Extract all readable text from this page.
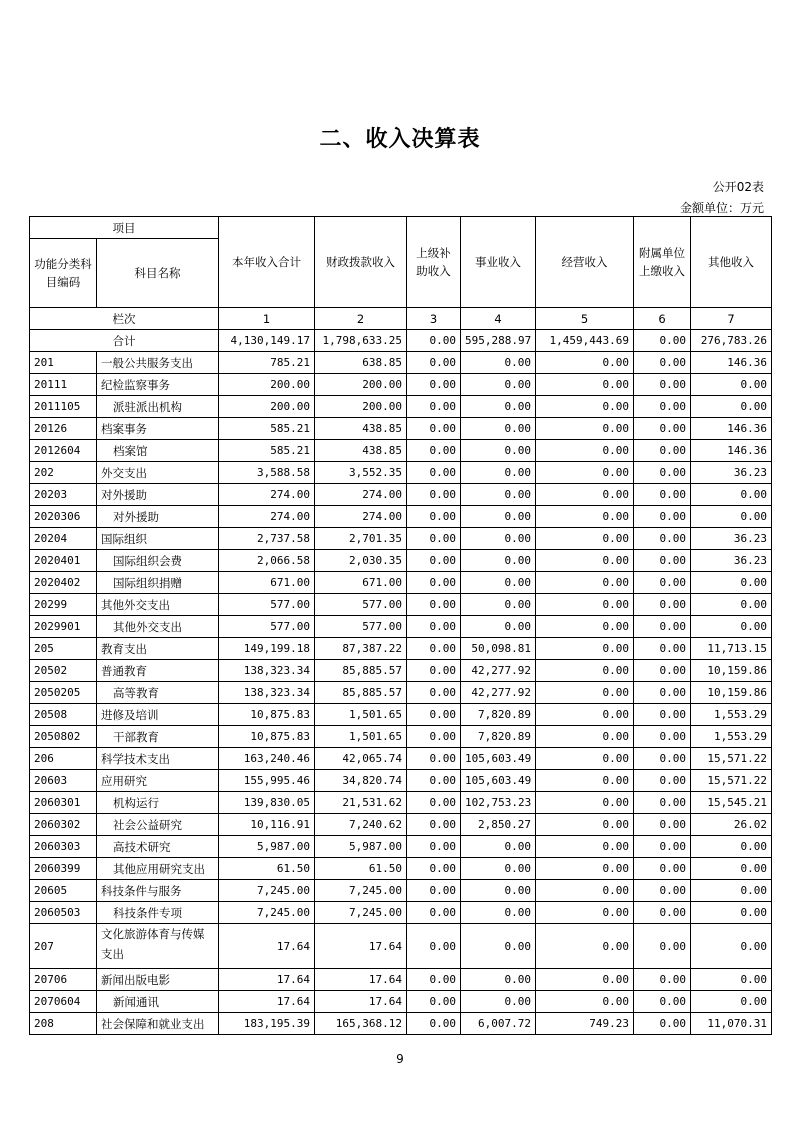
二、收入决算表
公开02表
金额单位：万元
项目		本年收入合计	财政拨款收入	上级补助收入	事业收入	经营收入	附属单位上缴收入	其他收入
功能分类科目编码	科目名称							
栏次		1	2	3	4	5	6	7
合计		4,130,149.17	1,798,633.25	0.00	595,288.97	1,459,443.69	0.00	276,783.26
201	一般公共服务支出	785.21	638.85	0.00	0.00	0.00	0.00	146.36
20111	纪检监察事务	200.00	200.00	0.00	0.00	0.00	0.00	0.00
2011105	派驻派出机构	200.00	200.00	0.00	0.00	0.00	0.00	0.00
20126	档案事务	585.21	438.85	0.00	0.00	0.00	0.00	146.36
2012604	档案馆	585.21	438.85	0.00	0.00	0.00	0.00	146.36
202	外交支出	3,588.58	3,552.35	0.00	0.00	0.00	0.00	36.23
20203	对外援助	274.00	274.00	0.00	0.00	0.00	0.00	0.00
2020306	对外援助	274.00	274.00	0.00	0.00	0.00	0.00	0.00
20204	国际组织	2,737.58	2,701.35	0.00	0.00	0.00	0.00	36.23
2020401	国际组织会费	2,066.58	2,030.35	0.00	0.00	0.00	0.00	36.23
2020402	国际组织捐赠	671.00	671.00	0.00	0.00	0.00	0.00	0.00
20299	其他外交支出	577.00	577.00	0.00	0.00	0.00	0.00	0.00
2029901	其他外交支出	577.00	577.00	0.00	0.00	0.00	0.00	0.00
205	教育支出	149,199.18	87,387.22	0.00	50,098.81	0.00	0.00	11,713.15
20502	普通教育	138,323.34	85,885.57	0.00	42,277.92	0.00	0.00	10,159.86
2050205	高等教育	138,323.34	85,885.57	0.00	42,277.92	0.00	0.00	10,159.86
20508	进修及培训	10,875.83	1,501.65	0.00	7,820.89	0.00	0.00	1,553.29
2050802	干部教育	10,875.83	1,501.65	0.00	7,820.89	0.00	0.00	1,553.29
206	科学技术支出	163,240.46	42,065.74	0.00	105,603.49	0.00	0.00	15,571.22
20603	应用研究	155,995.46	34,820.74	0.00	105,603.49	0.00	0.00	15,571.22
2060301	机构运行	139,830.05	21,531.62	0.00	102,753.23	0.00	0.00	15,545.21
2060302	社会公益研究	10,116.91	7,240.62	0.00	2,850.27	0.00	0.00	26.02
2060303	高技术研究	5,987.00	5,987.00	0.00	0.00	0.00	0.00	0.00
2060399	其他应用研究支出	61.50	61.50	0.00	0.00	0.00	0.00	0.00
20605	科技条件与服务	7,245.00	7,245.00	0.00	0.00	0.00	0.00	0.00
2060503	科技条件专项	7,245.00	7,245.00	0.00	0.00	0.00	0.00	0.00
207	文化旅游体育与传媒支出	17.64	17.64	0.00	0.00	0.00	0.00	0.00
20706	新闻出版电影	17.64	17.64	0.00	0.00	0.00	0.00	0.00
2070604	新闻通讯	17.64	17.64	0.00	0.00	0.00	0.00	0.00
208	社会保障和就业支出	183,195.39	165,368.12	0.00	6,007.72	749.23	0.00	11,070.31
9
